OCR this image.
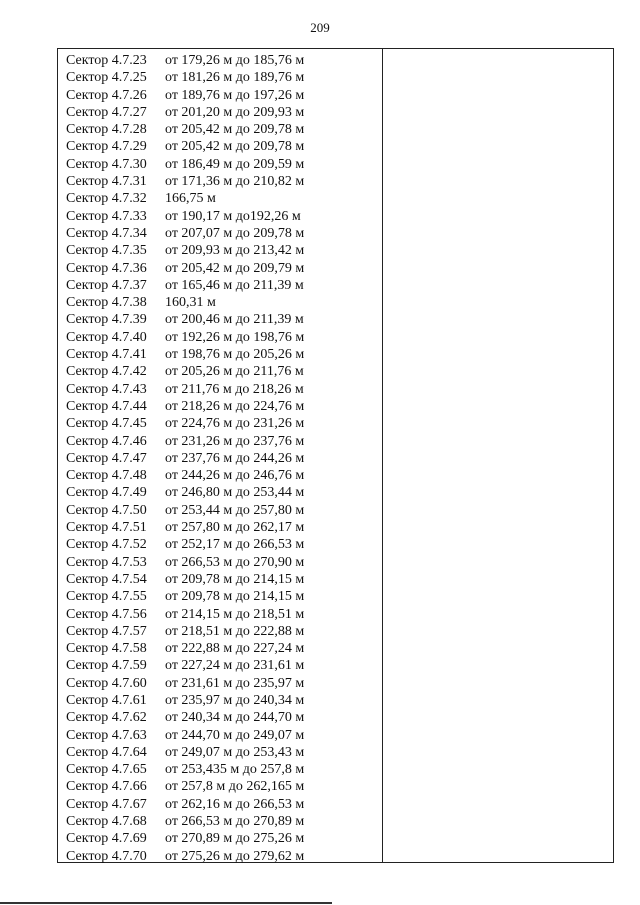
209
Сектор 4.7.23 от 179,26 м до 185,76 м
Сектор 4.7.25 от 181,26 м до 189,76 м
Сектор 4.7.26 от 189,76 м до 197,26 м
Сектор 4.7.27 от 201,20 м до 209,93 м
Сектор 4.7.28 от 205,42 м до 209,78 м
Сектор 4.7.29 от 205,42 м до 209,78 м
Сектор 4.7.30 от 186,49 м до 209,59 м
Сектор 4.7.31 от 171,36 м до 210,82 м
Сектор 4.7.32 166,75 м
Сектор 4.7.33 от 190,17 м до192,26 м
Сектор 4.7.34 от 207,07 м до 209,78 м
Сектор 4.7.35 от 209,93 м до 213,42 м
Сектор 4.7.36 от 205,42 м до 209,79 м
Сектор 4.7.37 от 165,46 м до 211,39 м
Сектор 4.7.38 160,31 м
Сектор 4.7.39 от 200,46 м до 211,39 м
Сектор 4.7.40 от 192,26 м до 198,76 м
Сектор 4.7.41 от 198,76 м до 205,26 м
Сектор 4.7.42 от 205,26 м до 211,76 м
Сектор 4.7.43 от 211,76 м до 218,26 м
Сектор 4.7.44 от 218,26 м до 224,76 м
Сектор 4.7.45 от 224,76 м до 231,26 м
Сектор 4.7.46 от 231,26 м до 237,76 м
Сектор 4.7.47 от 237,76 м до 244,26 м
Сектор 4.7.48 от 244,26 м до 246,76 м
Сектор 4.7.49 от 246,80 м до 253,44 м
Сектор 4.7.50 от 253,44 м до 257,80 м
Сектор 4.7.51 от 257,80 м до 262,17 м
Сектор 4.7.52 от 252,17 м до 266,53 м
Сектор 4.7.53 от 266,53 м до 270,90 м
Сектор 4.7.54 от 209,78 м до 214,15 м
Сектор 4.7.55 от 209,78 м до 214,15 м
Сектор 4.7.56 от 214,15 м до 218,51 м
Сектор 4.7.57 от 218,51 м до 222,88 м
Сектор 4.7.58 от 222,88 м до 227,24 м
Сектор 4.7.59 от 227,24 м до 231,61 м
Сектор 4.7.60 от 231,61 м до 235,97 м
Сектор 4.7.61 от 235,97 м до 240,34 м
Сектор 4.7.62 от 240,34 м до 244,70 м
Сектор 4.7.63 от 244,70 м до 249,07 м
Сектор 4.7.64 от 249,07 м до 253,43 м
Сектор 4.7.65 от 253,435 м до 257,8 м
Сектор 4.7.66 от 257,8 м до 262,165 м
Сектор 4.7.67 от 262,16 м до 266,53 м
Сектор 4.7.68 от 266,53 м до 270,89 м
Сектор 4.7.69 от 270,89 м до 275,26 м
Сектор 4.7.70 от 275,26 м до 279,62 м
